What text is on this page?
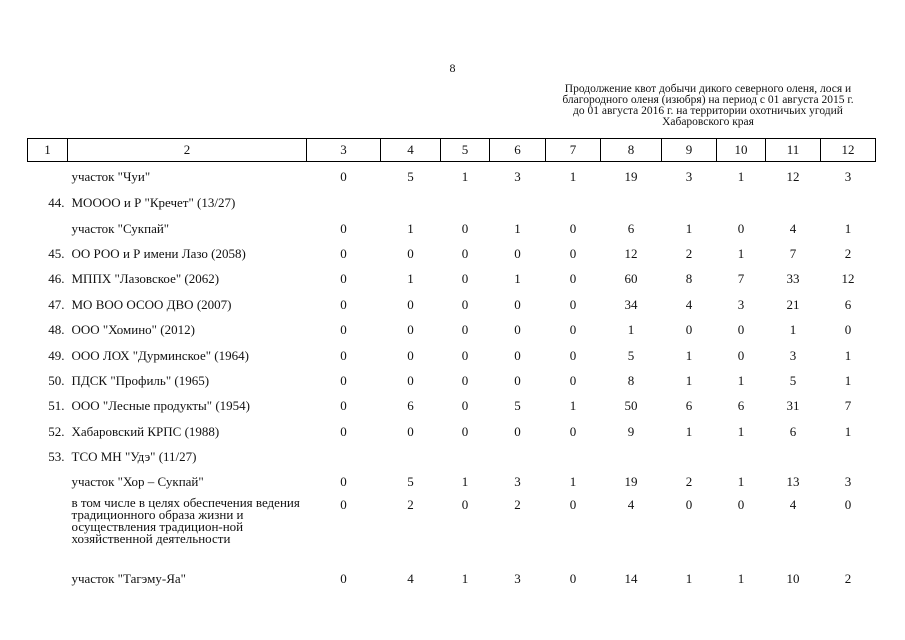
8
Продолжение квот добычи дикого северного оленя, лося и
благородного оленя (изюбря) на период с 01 августа 2015 г.
до 01 августа 2016 г. на территории охотничьих угодий
Хабаровского края
1	2	3	4	5	6	7	8	9	10	11	12
	участок "Чуи"	0	5	1	3	1	19	3	1	12	3
44.	МОООО и Р "Кречет" (13/27)										
	участок "Сукпай"	0	1	0	1	0	6	1	0	4	1
45.	ОО РОО и Р имени Лазо (2058)	0	0	0	0	0	12	2	1	7	2
46.	МППХ "Лазовское" (2062)	0	1	0	1	0	60	8	7	33	12
47.	МО ВОО ОСОО ДВО (2007)	0	0	0	0	0	34	4	3	21	6
48.	ООО "Хомино" (2012)	0	0	0	0	0	1	0	0	1	0
49.	ООО ЛОХ "Дурминское" (1964)	0	0	0	0	0	5	1	0	3	1
50.	ПДСК "Профиль" (1965)	0	0	0	0	0	8	1	1	5	1
51.	ООО "Лесные продукты" (1954)	0	6	0	5	1	50	6	6	31	7
52.	Хабаровский КРПС (1988)	0	0	0	0	0	9	1	1	6	1
53.	ТСО МН "Удэ" (11/27)										
	участок "Хор – Сукпай"	0	5	1	3	1	19	2	1	13	3
	в том числе в целях обеспечения ведения традиционного образа жизни и осуществления традицион-ной хозяйственной деятельности	0	2	0	2	0	4	0	0	4	0
	участок "Тагэму-Яа"	0	4	1	3	0	14	1	1	10	2
